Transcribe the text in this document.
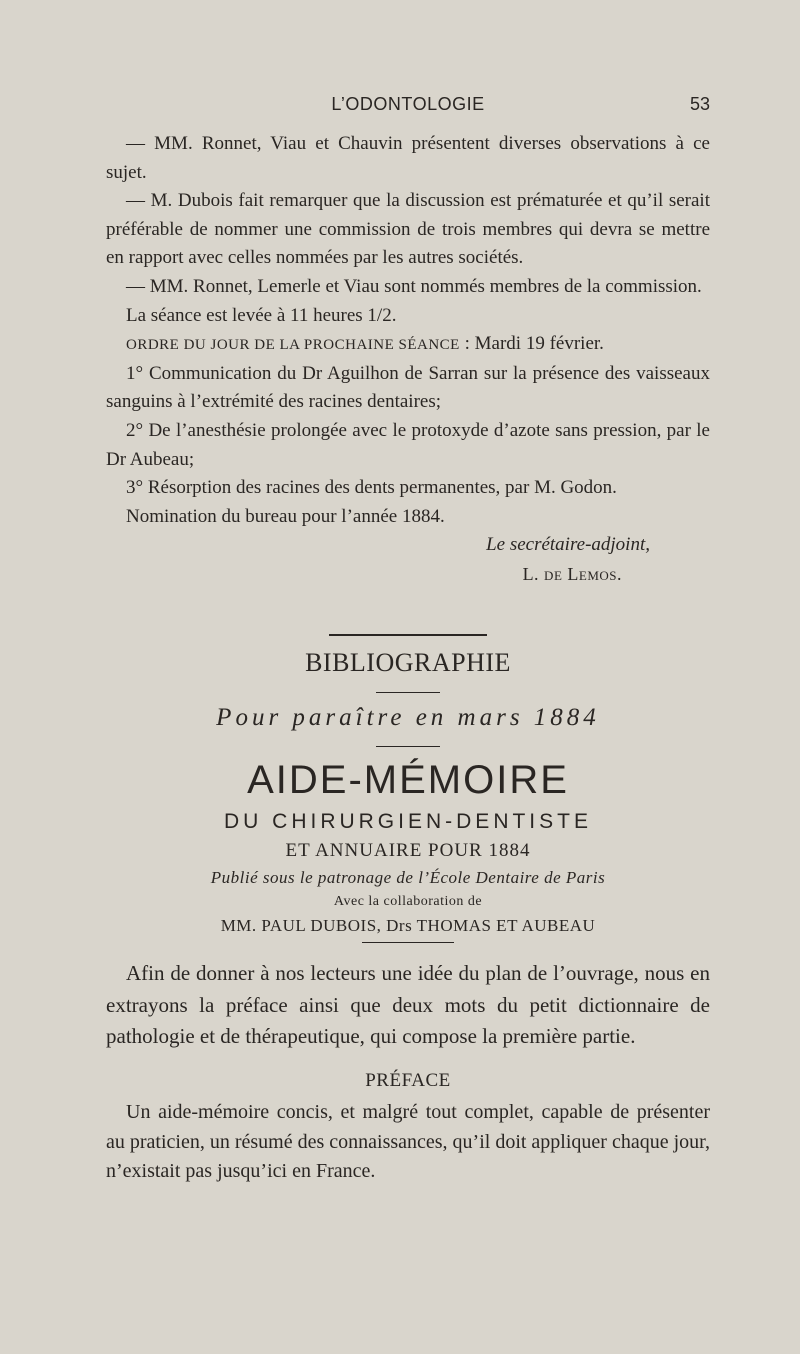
L’ODONTOLOGIE	53

— MM. Ronnet, Viau et Chauvin présentent diverses observations à ce sujet.

— M. Dubois fait remarquer que la discussion est prématurée et qu’il serait préférable de nommer une commission de trois membres qui devra se mettre en rapport avec celles nommées par les autres sociétés.

— MM. Ronnet, Lemerle et Viau sont nommés membres de la commission.

La séance est levée à 11 heures 1/2.

ORDRE DU JOUR DE LA PROCHAINE SÉANCE : Mardi 19 février.

1° Communication du Dr Aguilhon de Sarran sur la présence des vaisseaux sanguins à l’extrémité des racines dentaires;

2° De l’anesthésie prolongée avec le protoxyde d’azote sans pression, par le Dr Aubeau;

3° Résorption des racines des dents permanentes, par M. Godon.

Nomination du bureau pour l’année 1884.

Le secrétaire-adjoint,

L. de Lemos.

BIBLIOGRAPHIE
Pour paraître en mars 1884
AIDE-MÉMOIRE
DU CHIRURGIEN-DENTISTE
ET ANNUAIRE POUR 1884
Publié sous le patronage de l’École Dentaire de Paris
Avec la collaboration de
MM. PAUL DUBOIS, Drs THOMAS ET AUBEAU

Afin de donner à nos lecteurs une idée du plan de l’ouvrage, nous en extrayons la préface ainsi que deux mots du petit dictionnaire de pathologie et de thérapeutique, qui compose la première partie.

PRÉFACE

Un aide-mémoire concis, et malgré tout complet, capable de présenter au praticien, un résumé des connaissances, qu’il doit appliquer chaque jour, n’existait pas jusqu’ici en France.
